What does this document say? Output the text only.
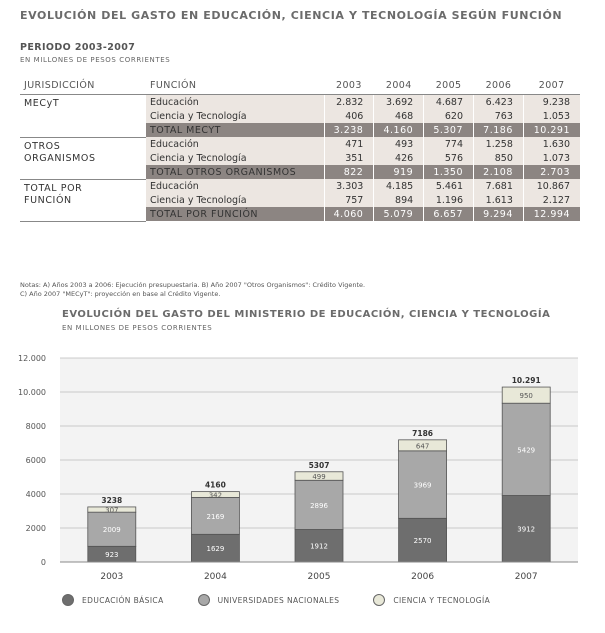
EVOLUCIÓN DEL GASTO EN EDUCACIÓN, CIENCIA Y TECNOLOGÍA SEGÚN FUNCIÓN
PERIODO 2003-2007
EN MILLONES DE PESOS CORRIENTES
JURISDICCIÓN	FUNCIÓN	2003	2004	2005	2006	2007

MECyT	Educación	2.832	3.692	4.687	6.423	9.238
	Ciencia y Tecnología	406	468	620	763	1.053
	TOTAL MECYT	3.238	4.160	5.307	7.186	10.291

OTROS ORGANISMOS	Educación	471	493	774	1.258	1.630
	Ciencia y Tecnología	351	426	576	850	1.073
	TOTAL OTROS ORGANISMOS	822	919	1.350	2.108	2.703

TOTAL POR FUNCIÓN	Educación	3.303	4.185	5.461	7.681	10.867
	Ciencia y Tecnología	757	894	1.196	1.613	2.127
	TOTAL POR FUNCIÓN	4.060	5.079	6.657	9.294	12.994
Notas: A) Años 2003 a 2006: Ejecución presupuestaria. B) Año 2007 "Otros Organismos": Crédito Vigente.
C) Año 2007 "MECyT": proyección en base al Crédito Vigente.
EVOLUCIÓN DEL GASTO DEL MINISTERIO DE EDUCACIÓN, CIENCIA Y TECNOLOGÍA
EN MILLONES DE PESOS CORRIENTES
0
2000
4000
6000
8000
10.000
12.000
923
2009
307
3238
2003
1629
2169
342
4160
2004
1912
2896
499
5307
2005
2570
3969
647
7186
2006
3912
5429
950
10.291
2007
EDUCACIÓN BÁSICA	UNIVERSIDADES NACIONALES	CIENCIA Y TECNOLOGÍA
